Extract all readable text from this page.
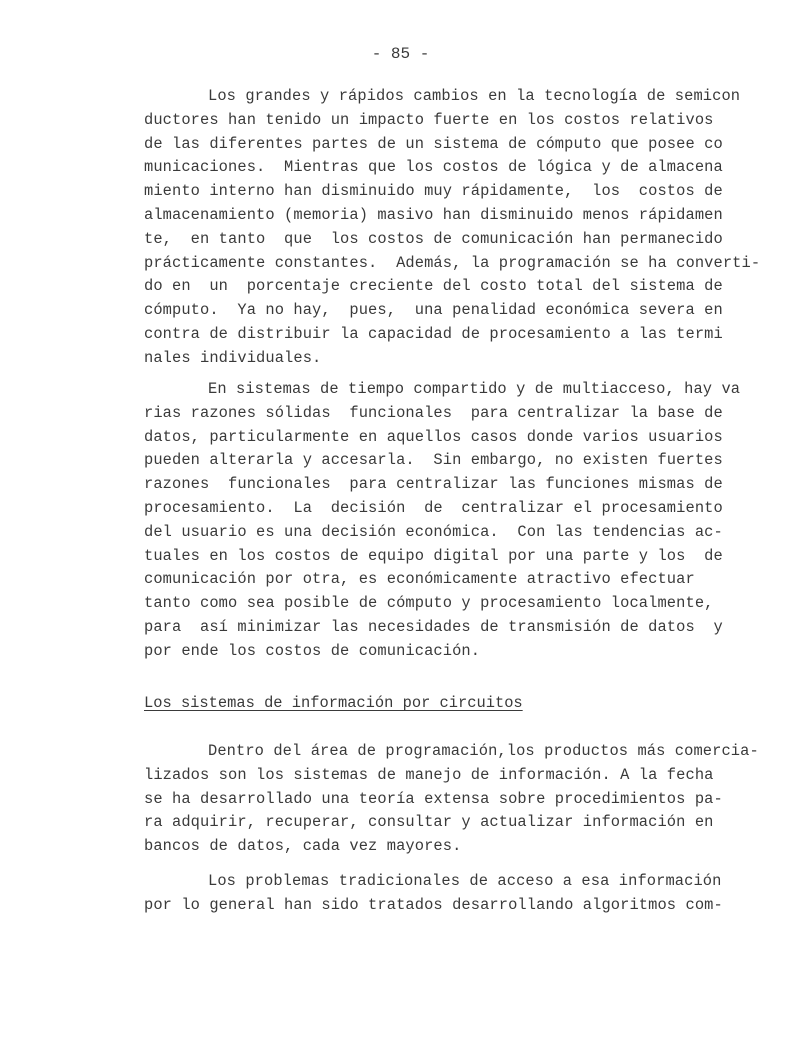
- 85 -
Los grandes y rápidos cambios en la tecnología de semicon
ductores han tenido un impacto fuerte en los costos relativos
de las diferentes partes de un sistema de cómputo que posee co
municaciones.  Mientras que los costos de lógica y de almacena
miento interno han disminuido muy rápidamente,  los  costos de
almacenamiento (memoria) masivo han disminuido menos rápidamen
te,  en tanto  que  los costos de comunicación han permanecido
prácticamente constantes.  Además, la programación se ha converti-
do en  un  porcentaje creciente del costo total del sistema de
cómputo.  Ya no hay,  pues,  una penalidad económica severa en
contra de distribuir la capacidad de procesamiento a las termi
nales individuales.
En sistemas de tiempo compartido y de multiacceso, hay va
rias razones sólidas  funcionales  para centralizar la base de
datos, particularmente en aquellos casos donde varios usuarios
pueden alterarla y accesarla.  Sin embargo, no existen fuertes
razones  funcionales  para centralizar las funciones mismas de
procesamiento.  La  decisión  de  centralizar el procesamiento
del usuario es una decisión económica.  Con las tendencias ac-
tuales en los costos de equipo digital por una parte y los  de
comunicación por otra, es económicamente atractivo efectuar
tanto como sea posible de cómputo y procesamiento localmente,
para  así minimizar las necesidades de transmisión de datos  y
por ende los costos de comunicación.
Los sistemas de información por circuitos
Dentro del área de programación,los productos más comercia-
lizados son los sistemas de manejo de información. A la fecha
se ha desarrollado una teoría extensa sobre procedimientos pa-
ra adquirir, recuperar, consultar y actualizar información en
bancos de datos, cada vez mayores.
Los problemas tradicionales de acceso a esa información
por lo general han sido tratados desarrollando algoritmos com-
